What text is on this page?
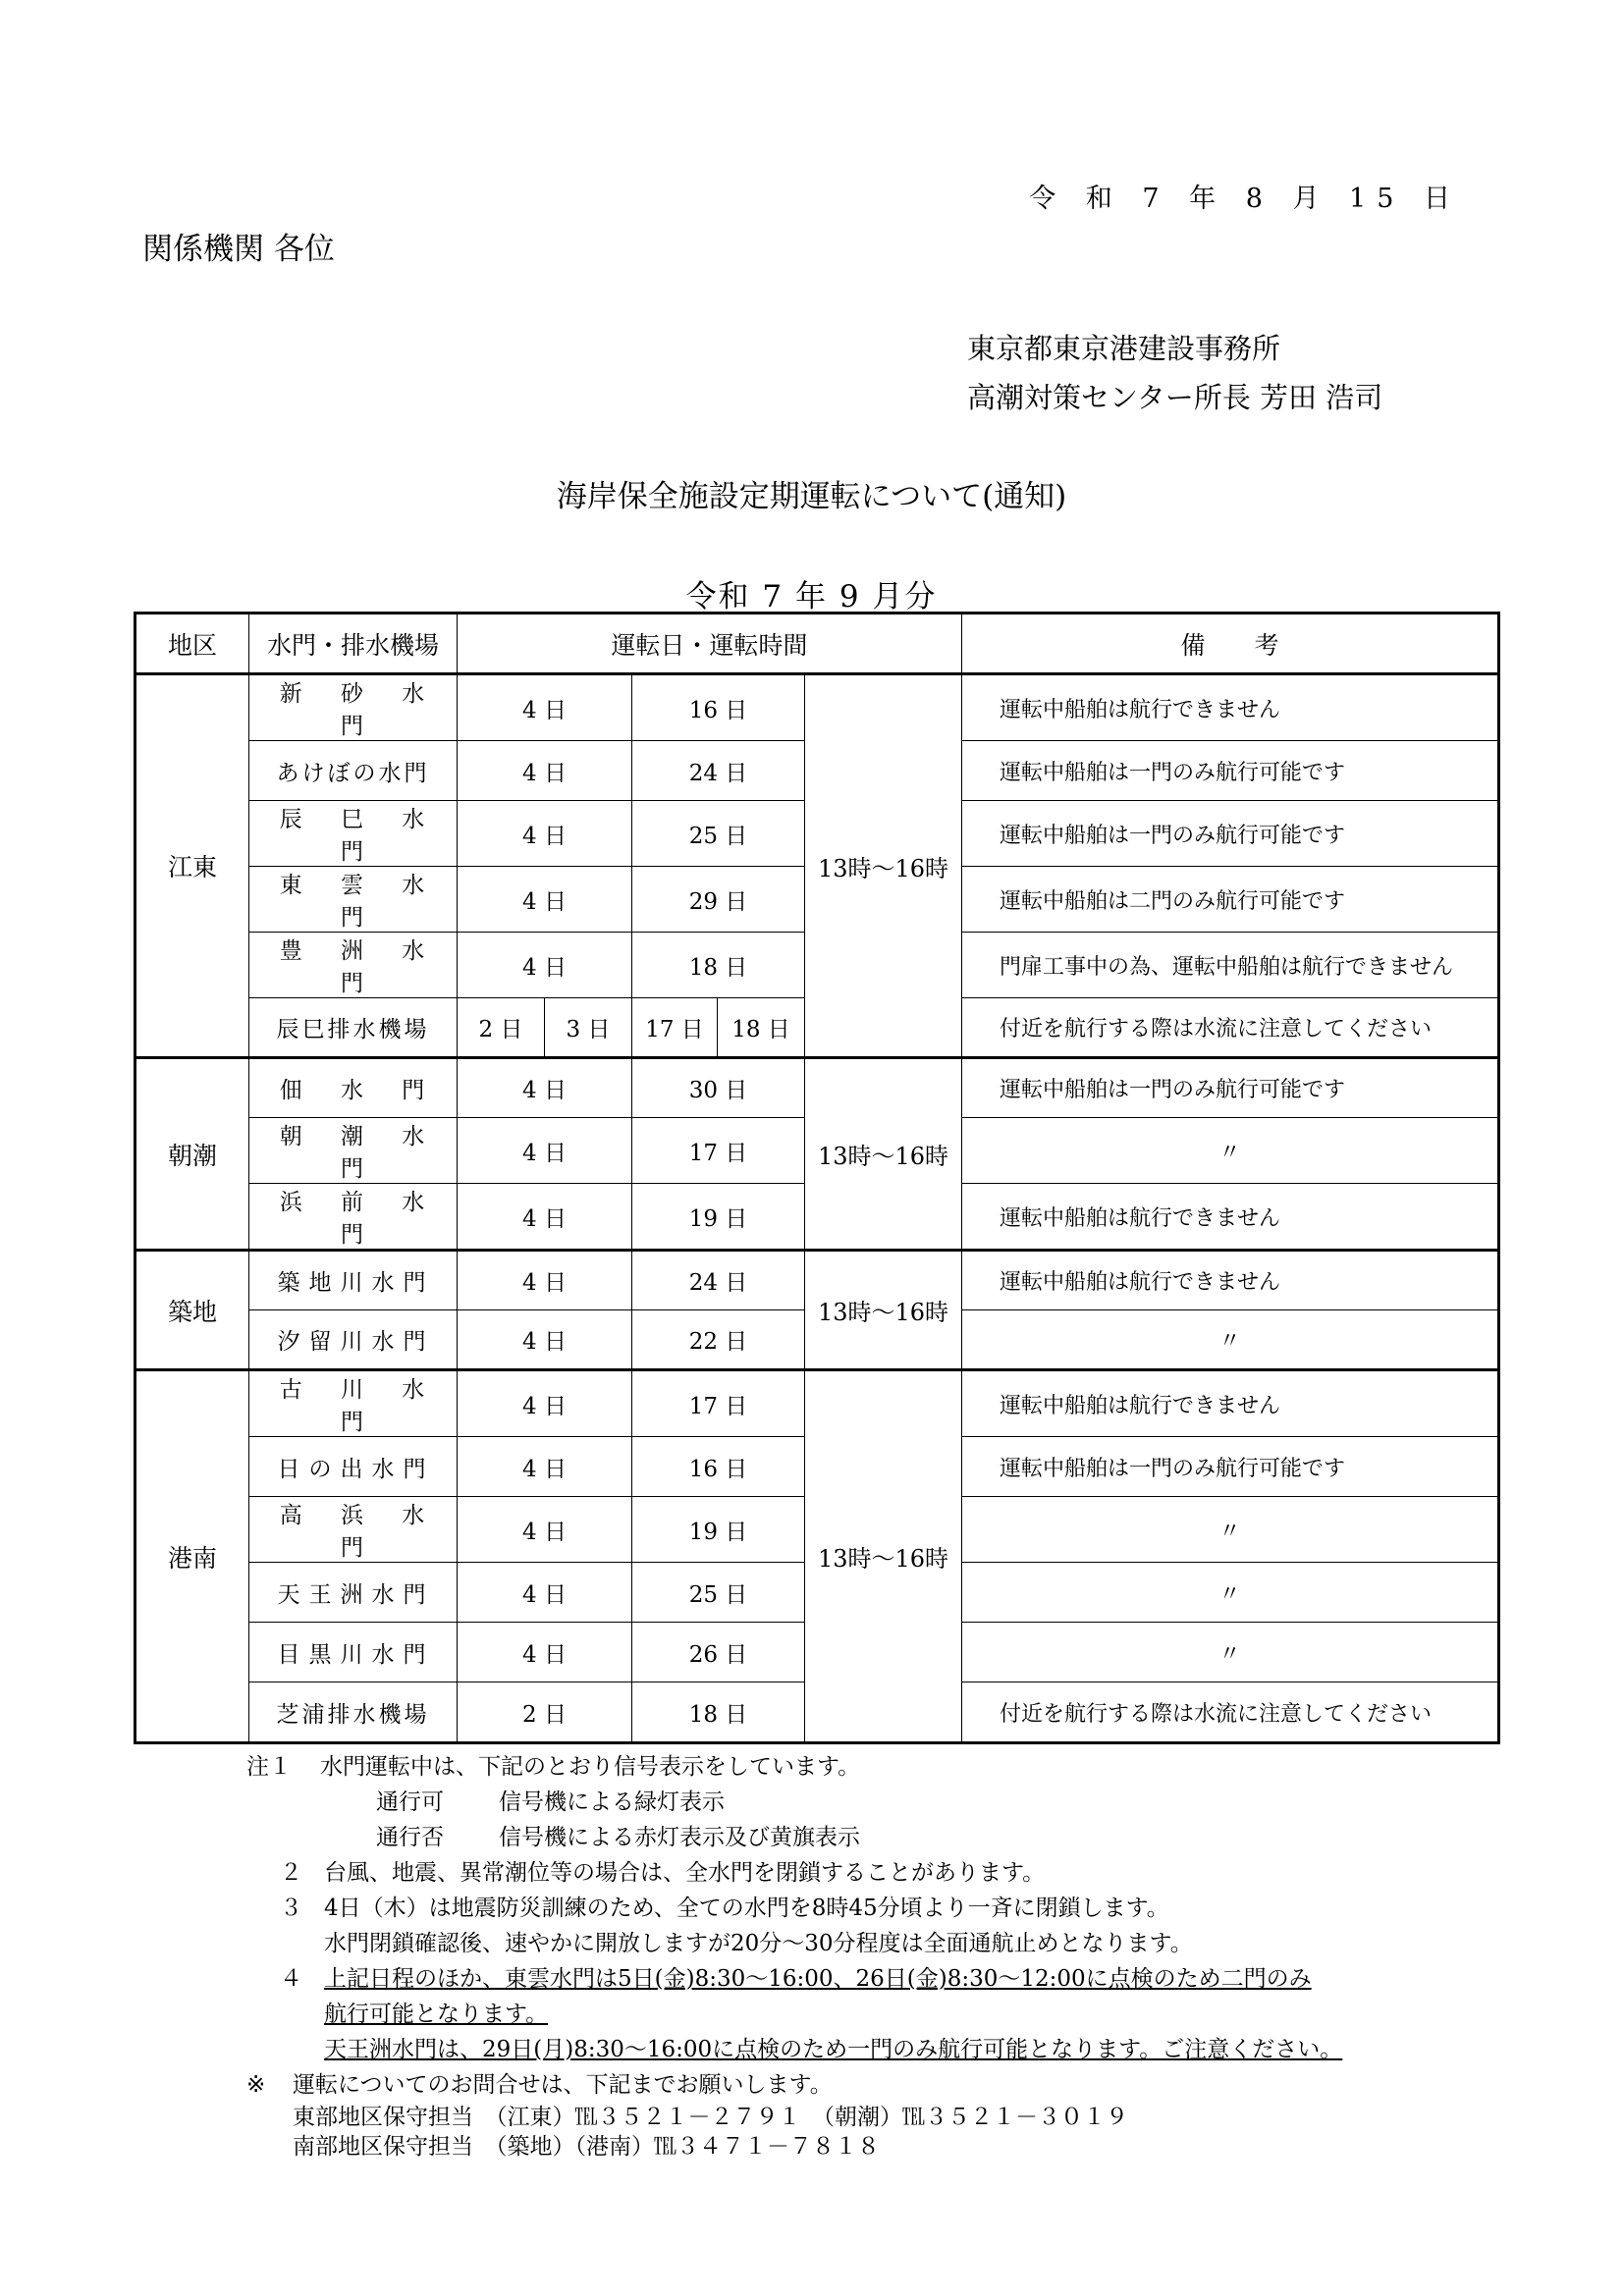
令 和 7 年 8 月 15 日
関係機関 各位
東京都東京港建設事務所
高潮対策センター所長 芳田 浩司
海岸保全施設定期運転について(通知)
令和 7 年 9 月分
地区	水門・排水機場	運転日・運転時間					備　　考
江東	新 砂 水 門	4 日		16 日		13時～16時	運転中船舶は航行できません
	あけぼの水門	4 日		24 日			運転中船舶は一門のみ航行可能です
	辰 巳 水 門	4 日		25 日			運転中船舶は一門のみ航行可能です
	東 雲 水 門	4 日		29 日			運転中船舶は二門のみ航行可能です
	豊 洲 水 門	4 日		18 日			門扉工事中の為、運転中船舶は航行できません
	辰巳排水機場	2 日	3 日	17 日	18 日		付近を航行する際は水流に注意してください
朝潮	佃 水 門	4 日		30 日		13時～16時	運転中船舶は一門のみ航行可能です
	朝 潮 水 門	4 日		17 日			〃
	浜 前 水 門	4 日		19 日			運転中船舶は航行できません
築地	築地川水門	4 日		24 日		13時～16時	運転中船舶は航行できません
	汐留川水門	4 日		22 日			〃
港南	古 川 水 門	4 日		17 日		13時～16時	運転中船舶は航行できません
	日の出水門	4 日		16 日			運転中船舶は一門のみ航行可能です
	高 浜 水 門	4 日		19 日			〃
	天王洲水門	4 日		25 日			〃
	目黒川水門	4 日		26 日			〃
	芝浦排水機場	2 日		18 日			付近を航行する際は水流に注意してください
注１ 水門運転中は、下記のとおり信号表示をしています。
通行可 信号機による緑灯表示
通行否 信号機による赤灯表示及び黄旗表示
２ 台風、地震、異常潮位等の場合は、全水門を閉鎖することがあります。
３ 4日（木）は地震防災訓練のため、全ての水門を8時45分頃より一斉に閉鎖します。
水門閉鎖確認後、速やかに開放しますが20分～30分程度は全面通航止めとなります。
４ 上記日程のほか、東雲水門は5日(金)8:30～16:00、26日(金)8:30～12:00に点検のため二門のみ
航行可能となります。
天王洲水門は、29日(月)8:30～16:00に点検のため一門のみ航行可能となります。ご注意ください。
※ 運転についてのお問合せは、下記までお願いします。
東部地区保守担当　（江東）℡３５２１－２７９１　（朝潮）℡３５２１－３０１９
南部地区保守担当　（築地）（港南）℡３４７１－７８１８
